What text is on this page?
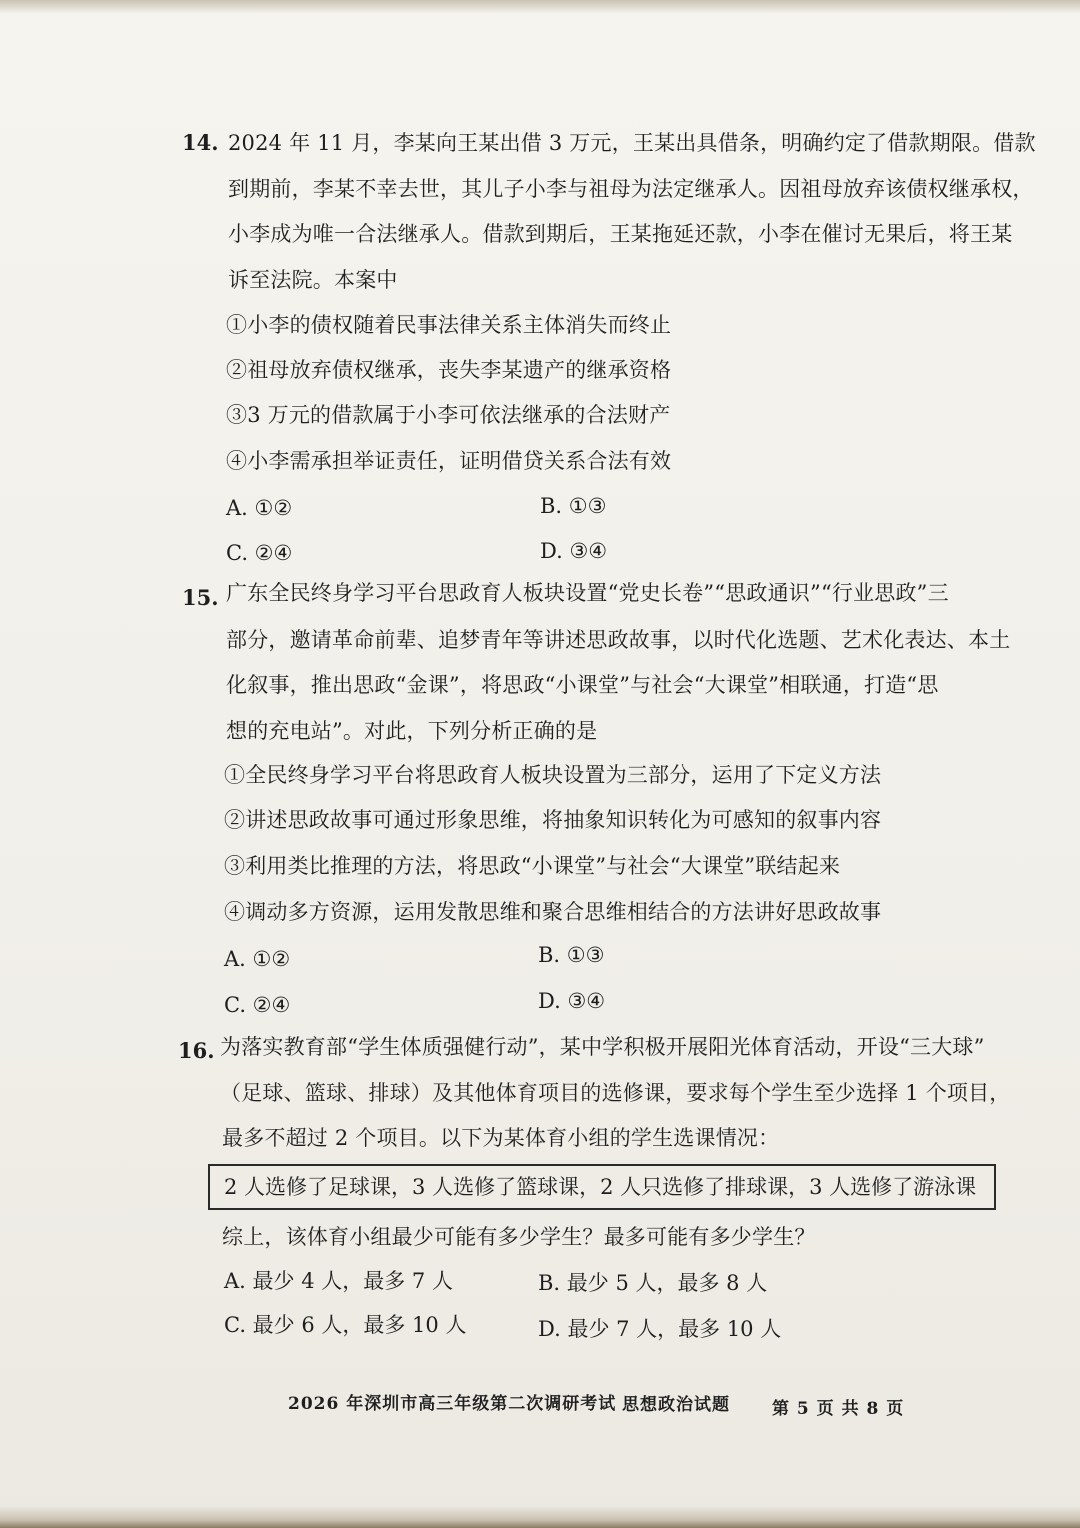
14. 2024 年 11 月，李某向王某出借 3 万元，王某出具借条，明确约定了借款期限。借款
到期前，李某不幸去世，其儿子小李与祖母为法定继承人。因祖母放弃该债权继承权，
小李成为唯一合法继承人。借款到期后，王某拖延还款，小李在催讨无果后，将王某
诉至法院。本案中
①小李的债权随着民事法律关系主体消失而终止
②祖母放弃债权继承，丧失李某遗产的继承资格
③3 万元的借款属于小李可依法继承的合法财产
④小李需承担举证责任，证明借贷关系合法有效
A. ①②	B. ①③
C. ②④	D. ③④
15. 广东全民终身学习平台思政育人板块设置“党史长卷”“思政通识”“行业思政”三
部分，邀请革命前辈、追梦青年等讲述思政故事，以时代化选题、艺术化表达、本土
化叙事，推出思政“金课”，将思政“小课堂”与社会“大课堂”相联通，打造“思
想的充电站”。对此，下列分析正确的是
①全民终身学习平台将思政育人板块设置为三部分，运用了下定义方法
②讲述思政故事可通过形象思维，将抽象知识转化为可感知的叙事内容
③利用类比推理的方法，将思政“小课堂”与社会“大课堂”联结起来
④调动多方资源，运用发散思维和聚合思维相结合的方法讲好思政故事
A. ①②	B. ①③
C. ②④	D. ③④
16. 为落实教育部“学生体质强健行动”，某中学积极开展阳光体育活动，开设“三大球”
（足球、篮球、排球）及其他体育项目的选修课，要求每个学生至少选择 1 个项目，
最多不超过 2 个项目。以下为某体育小组的学生选课情况：
2 人选修了足球课，3 人选修了篮球课，2 人只选修了排球课，3 人选修了游泳课
综上，该体育小组最少可能有多少学生？最多可能有多少学生？
A. 最少 4 人，最多 7 人	B. 最少 5 人，最多 8 人
C. 最少 6 人，最多 10 人	D. 最少 7 人，最多 10 人
2026 年深圳市高三年级第二次调研考试 思想政治试题 第 5 页 共 8 页
